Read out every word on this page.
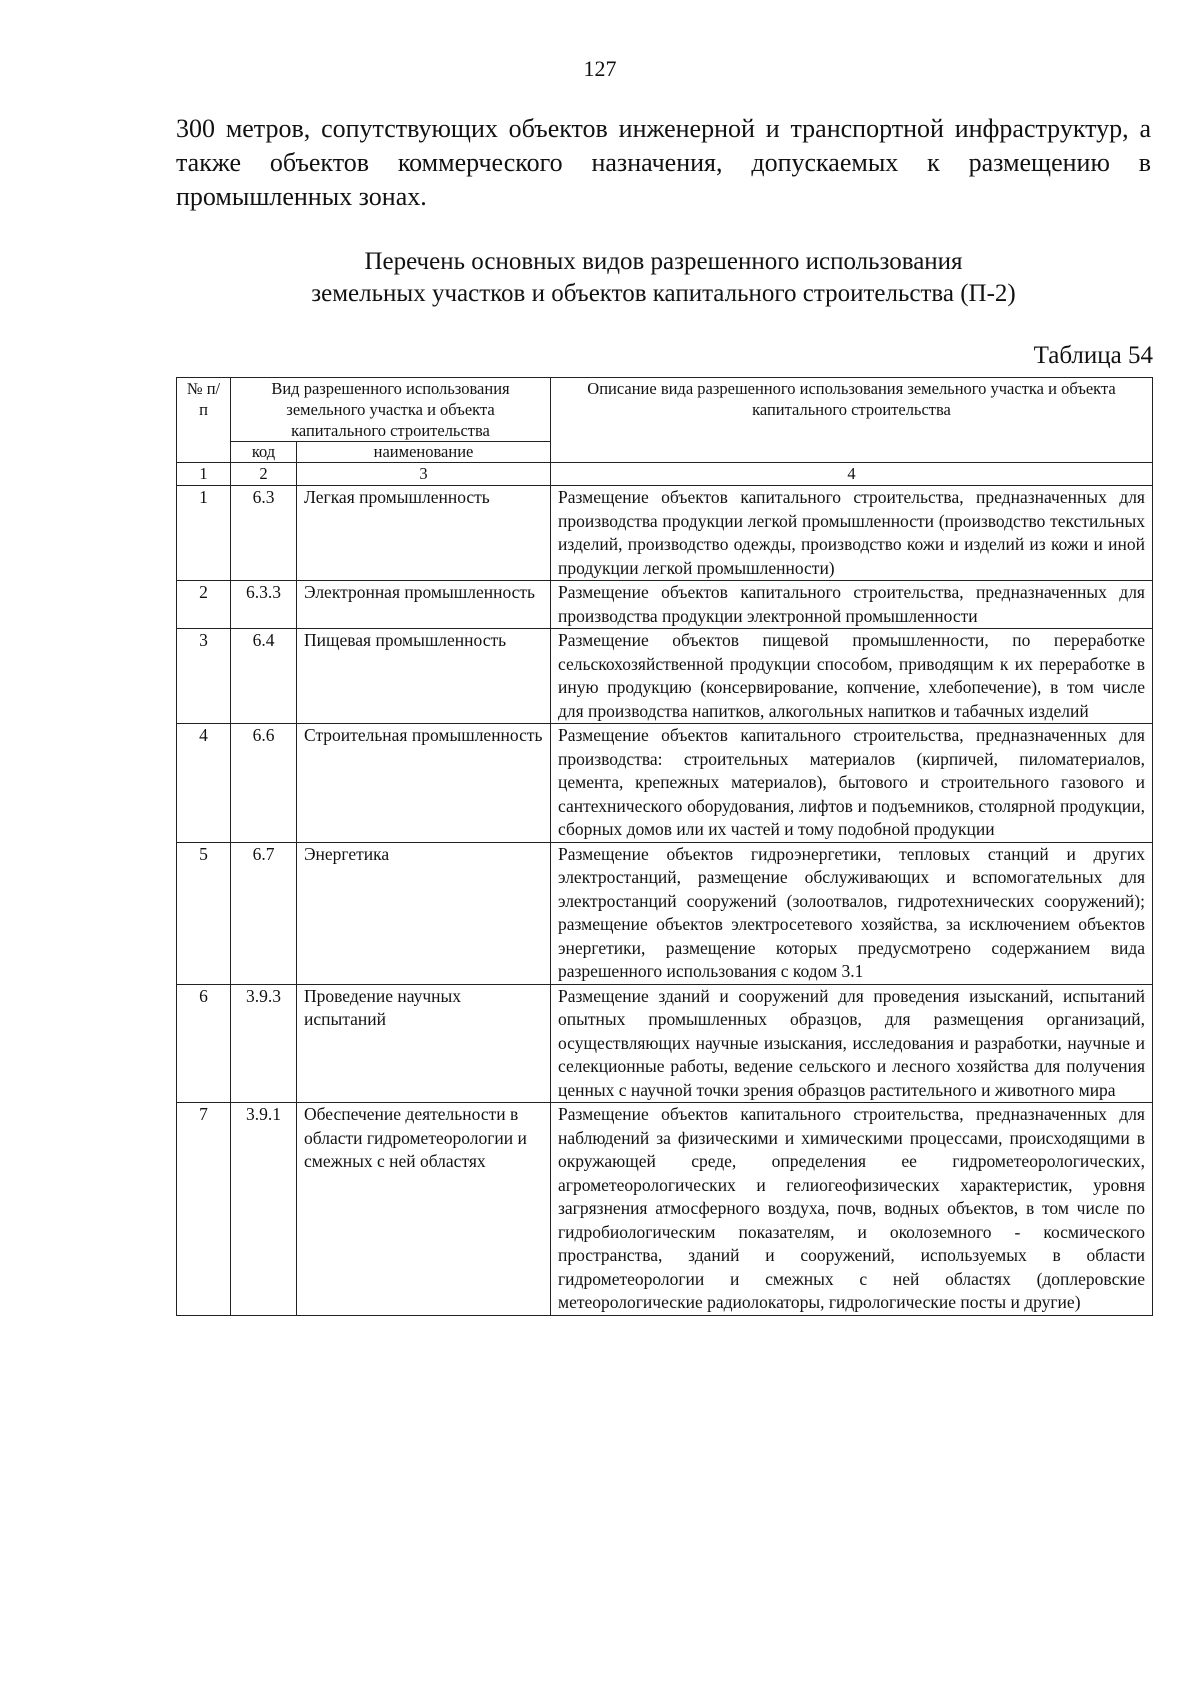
127

300 метров, сопутствующих объектов инженерной и транспортной инфраструктур, а также объектов коммерческого назначения, допускаемых к размещению в промышленных зонах.

Перечень основных видов разрешенного использования
земельных участков и объектов капитального строительства (П-2)
Таблица 54
№ п/п	Вид разрешенного использования земельного участка и объекта капитального строительства		Описание вида разрешенного использования земельного участка и объекта капитального строительства
	код	наименование	
1	2	3	4
1	6.3	Легкая промышленность	Размещение объектов капитального строительства, предназначенных для производства продукции легкой промышленности (производство текстильных изделий, производство одежды, производство кожи и изделий из кожи и иной продукции легкой промышленности)
2	6.3.3	Электронная промышленность	Размещение объектов капитального строительства, предназначенных для производства продукции электронной промышленности
3	6.4	Пищевая промышленность	Размещение объектов пищевой промышленности, по переработке сельскохозяйственной продукции способом, приводящим к их переработке в иную продукцию (консервирование, копчение, хлебопечение), в том числе для производства напитков, алкогольных напитков и табачных изделий
4	6.6	Строительная промышленность	Размещение объектов капитального строительства, предназначенных для производства: строительных материалов (кирпичей, пиломатериалов, цемента, крепежных материалов), бытового и строительного газового и сантехнического оборудования, лифтов и подъемников, столярной продукции, сборных домов или их частей и тому подобной продукции
5	6.7	Энергетика	Размещение объектов гидроэнергетики, тепловых станций и других электростанций, размещение обслуживающих и вспомогательных для электростанций сооружений (золоотвалов, гидротехнических сооружений); размещение объектов электросетевого хозяйства, за исключением объектов энергетики, размещение которых предусмотрено содержанием вида разрешенного использования с кодом 3.1
6	3.9.3	Проведение научных испытаний	Размещение зданий и сооружений для проведения изысканий, испытаний опытных промышленных образцов, для размещения организаций, осуществляющих научные изыскания, исследования и разработки, научные и селекционные работы, ведение сельского и лесного хозяйства для получения ценных с научной точки зрения образцов растительного и животного мира
7	3.9.1	Обеспечение деятельности в области гидрометеорологии и смежных с ней областях	Размещение объектов капитального строительства, предназначенных для наблюдений за физическими и химическими процессами, происходящими в окружающей среде, определения ее гидрометеорологических, агрометеорологических и гелиогеофизических характеристик, уровня загрязнения атмосферного воздуха, почв, водных объектов, в том числе по гидробиологическим показателям, и околоземного - космического пространства, зданий и сооружений, используемых в области гидрометеорологии и смежных с ней областях (доплеровские метеорологические радиолокаторы, гидрологические посты и другие)
